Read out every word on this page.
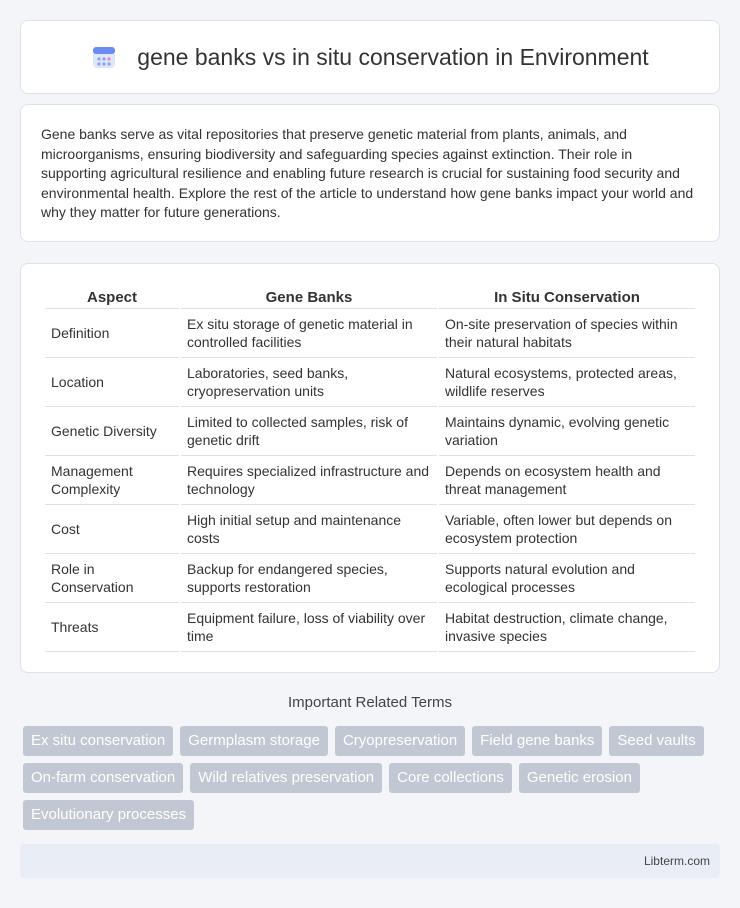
gene banks vs in situ conservation in Environment

Gene banks serve as vital repositories that preserve genetic material from plants, animals, and microorganisms, ensuring biodiversity and safeguarding species against extinction. Their role in supporting agricultural resilience and enabling future research is crucial for sustaining food security and environmental health. Explore the rest of the article to understand how gene banks impact your world and why they matter for future generations.

Aspect	Gene Banks	In Situ Conservation
Definition	Ex situ storage of genetic material in controlled facilities	On-site preservation of species within their natural habitats
Location	Laboratories, seed banks, cryopreservation units	Natural ecosystems, protected areas, wildlife reserves
Genetic Diversity	Limited to collected samples, risk of genetic drift	Maintains dynamic, evolving genetic variation
Management Complexity	Requires specialized infrastructure and technology	Depends on ecosystem health and threat management
Cost	High initial setup and maintenance costs	Variable, often lower but depends on ecosystem protection
Role in Conservation	Backup for endangered species, supports restoration	Supports natural evolution and ecological processes
Threats	Equipment failure, loss of viability over time	Habitat destruction, climate change, invasive species
Important Related Terms
Ex situ conservation	Germplasm storage	Cryopreservation	Field gene banks	Seed vaults
On-farm conservation	Wild relatives preservation	Core collections	Genetic erosion
Evolutionary processes
Libterm.com
